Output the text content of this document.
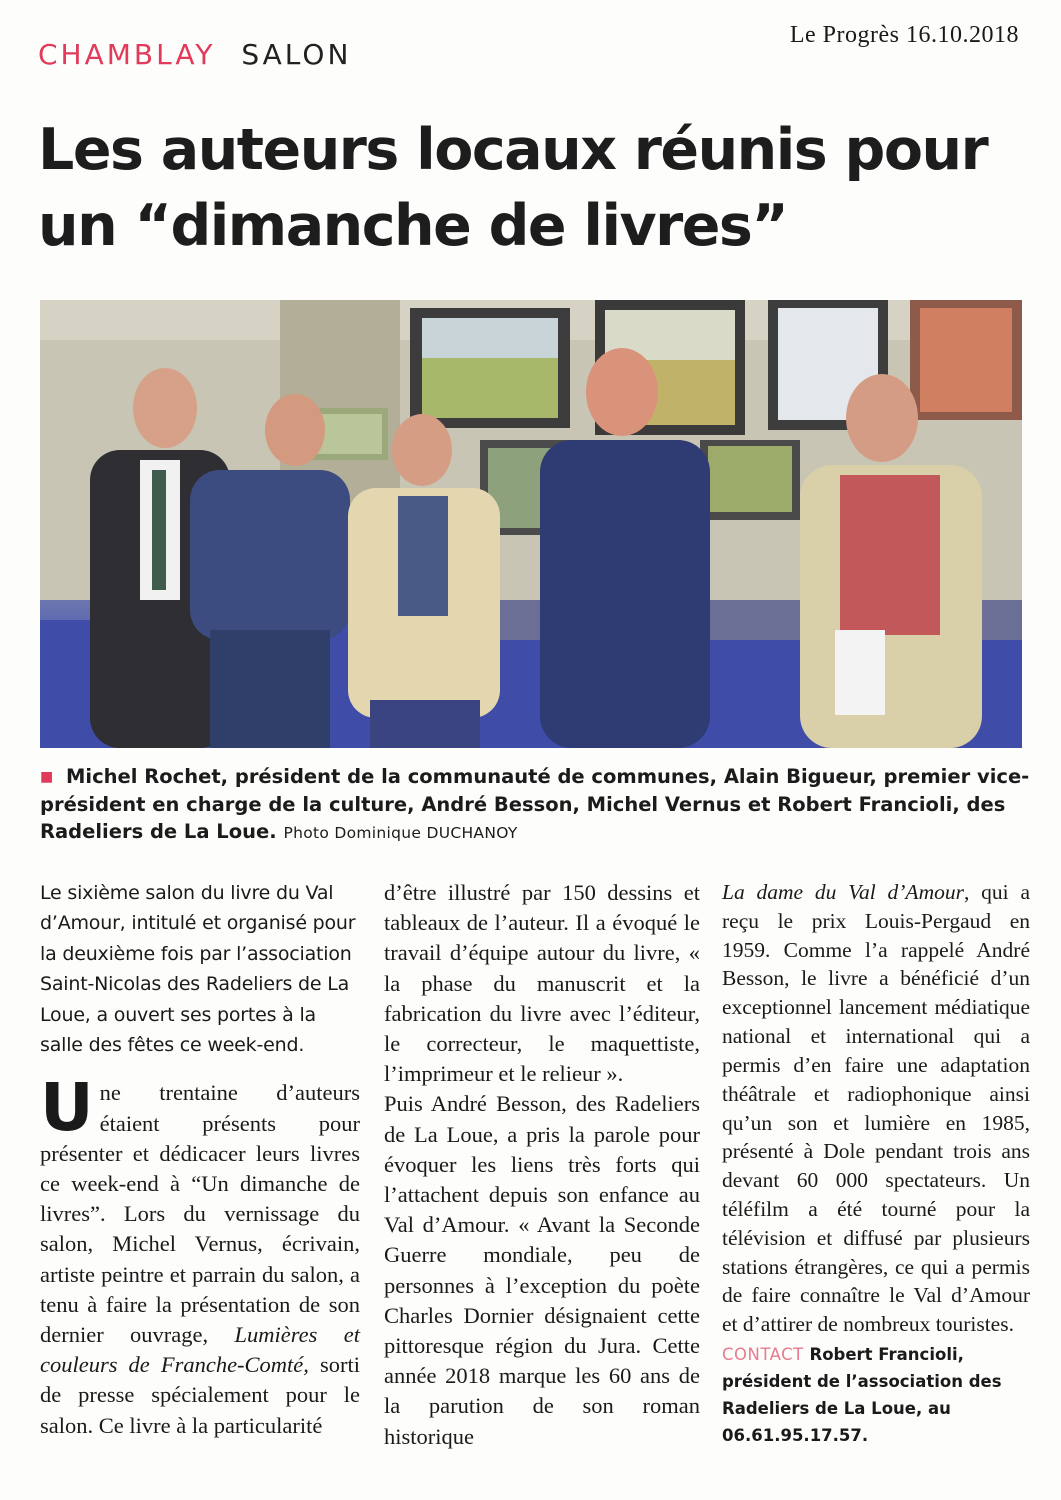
Le Progrès 16.10.2018
CHAMBLAY SALON
Les auteurs locaux réunis pour un “dimanche de livres”
■ Michel Rochet, président de la communauté de communes, Alain Bigueur, premier vice-président en charge de la culture, André Besson, Michel Vernus et Robert Francioli, des Radeliers de La Loue. Photo Dominique DUCHANOY

Le sixième salon du livre du Val d’Amour, intitulé et organisé pour la deuxième fois par l’association Saint-Nicolas des Radeliers de La Loue, a ouvert ses portes à la salle des fêtes ce week-end.

Une trentaine d’auteurs étaient présents pour présenter et dédicacer leurs livres ce week-end à “Un dimanche de livres”. Lors du vernissage du salon, Michel Vernus, écrivain, artiste peintre et parrain du salon, a tenu à faire la présentation de son dernier ouvrage, Lumières et couleurs de Franche-Comté, sorti de presse spécialement pour le salon. Ce livre à la particularité

d’être illustré par 150 dessins et tableaux de l’auteur. Il a évoqué le travail d’équipe autour du livre, « la phase du manuscrit et la fabrication du livre avec l’éditeur, le correcteur, le maquettiste, l’imprimeur et le relieur ».

Puis André Besson, des Radeliers de La Loue, a pris la parole pour évoquer les liens très forts qui l’attachent depuis son enfance au Val d’Amour. « Avant la Seconde Guerre mondiale, peu de personnes à l’exception du poète Charles Dornier désignaient cette pittoresque région du Jura. Cette année 2018 marque les 60 ans de la parution de son roman historique

La dame du Val d’Amour, qui a reçu le prix Louis-Pergaud en 1959. Comme l’a rappelé André Besson, le livre a bénéficié d’un exceptionnel lancement médiatique national et international qui a permis d’en faire une adaptation théâtrale et radiophonique ainsi qu’un son et lumière en 1985, présenté à Dole pendant trois ans devant 60 000 spectateurs. Un téléfilm a été tourné pour la télévision et diffusé par plusieurs stations étrangères, ce qui a permis de faire connaître le Val d’Amour et d’attirer de nombreux touristes.

CONTACT Robert Francioli, président de l’association des Radeliers de La Loue, au 06.61.95.17.57.
